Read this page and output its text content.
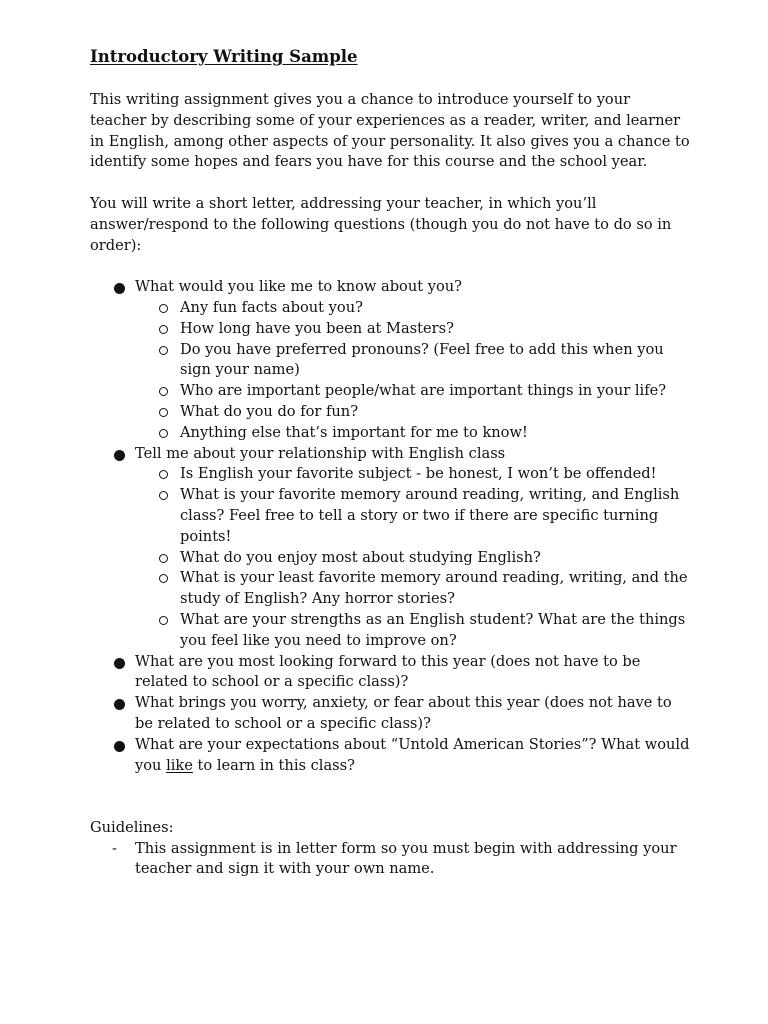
Introductory Writing Sample

This writing assignment gives you a chance to introduce yourself to your teacher by describing some of your experiences as a reader, writer, and learner in English, among other aspects of your personality. It also gives you a chance to identify some hopes and fears you have for this course and the school year.

You will write a short letter, addressing your teacher, in which you’ll answer/respond to the following questions (though you do not have to do so in order):

What would you like me to know about you?
Any fun facts about you?
How long have you been at Masters?
Do you have preferred pronouns? (Feel free to add this when you sign your name)
Who are important people/what are important things in your life?
What do you do for fun?
Anything else that’s important for me to know!
Tell me about your relationship with English class
Is English your favorite subject - be honest, I won’t be offended!
What is your favorite memory around reading, writing, and English class? Feel free to tell a story or two if there are specific turning points!
What do you enjoy most about studying English?
What is your least favorite memory around reading, writing, and the study of English? Any horror stories?
What are your strengths as an English student? What are the things you feel like you need to improve on?
What are you most looking forward to this year (does not have to be related to school or a specific class)?
What brings you worry, anxiety, or fear about this year (does not have to be related to school or a specific class)?
What are your expectations about “Untold American Stories”? What would you like to learn in this class?

Guidelines:

- This assignment is in letter form so you must begin with addressing your teacher and sign it with your own name.
